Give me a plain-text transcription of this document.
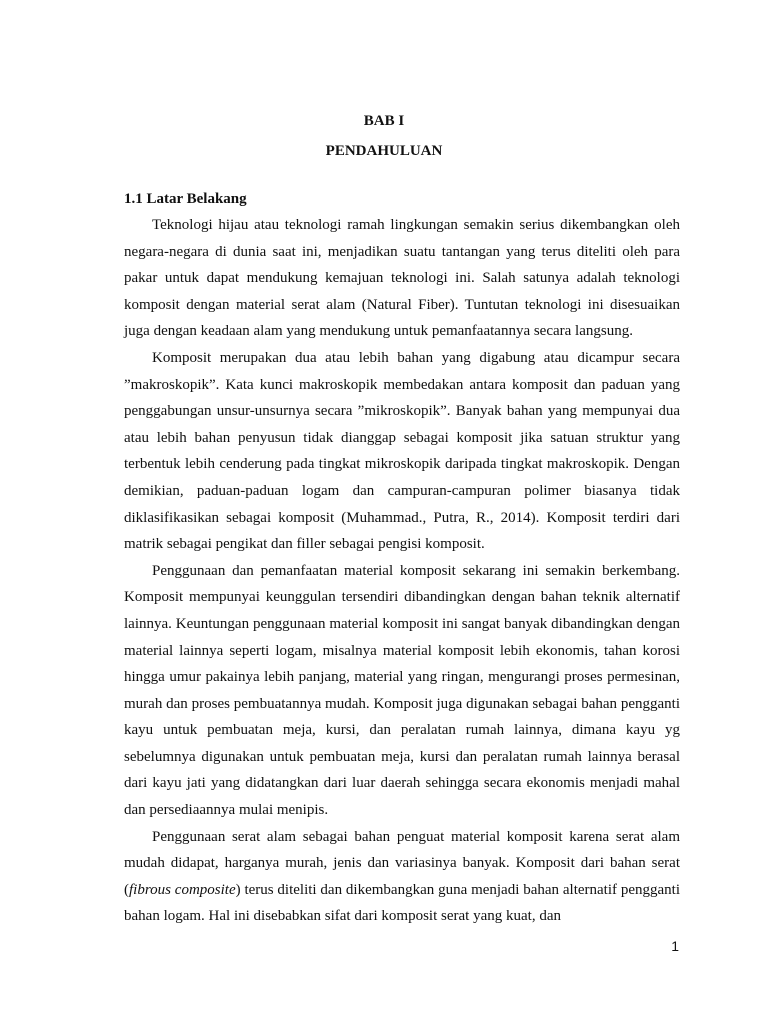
BAB I

PENDAHULUAN

1.1 Latar Belakang

Teknologi hijau atau teknologi ramah lingkungan semakin serius dikembangkan oleh negara-negara di dunia saat ini, menjadikan suatu tantangan yang terus diteliti oleh para pakar untuk dapat mendukung kemajuan teknologi ini. Salah satunya adalah teknologi komposit dengan material serat alam (Natural Fiber). Tuntutan teknologi ini disesuaikan juga dengan keadaan alam yang mendukung untuk pemanfaatannya secara langsung.

Komposit merupakan dua atau lebih bahan yang digabung atau dicampur secara ”makroskopik”. Kata kunci makroskopik membedakan antara komposit dan paduan yang penggabungan unsur-unsurnya secara ”mikroskopik”. Banyak bahan yang mempunyai dua atau lebih bahan penyusun tidak dianggap sebagai komposit jika satuan struktur yang terbentuk lebih cenderung pada tingkat mikroskopik daripada tingkat makroskopik. Dengan demikian, paduan-paduan logam dan campuran-campuran polimer biasanya tidak diklasifikasikan sebagai komposit (Muhammad., Putra, R., 2014). Komposit terdiri dari matrik sebagai pengikat dan filler sebagai pengisi komposit.

Penggunaan dan pemanfaatan material komposit sekarang ini semakin berkembang. Komposit mempunyai keunggulan tersendiri dibandingkan dengan bahan teknik alternatif lainnya. Keuntungan penggunaan material komposit ini sangat banyak dibandingkan dengan material lainnya seperti logam, misalnya material komposit lebih ekonomis, tahan korosi hingga umur pakainya lebih panjang, material yang ringan, mengurangi proses permesinan, murah dan proses pembuatannya mudah. Komposit juga digunakan sebagai bahan pengganti kayu untuk pembuatan meja, kursi, dan peralatan rumah lainnya, dimana kayu yg sebelumnya digunakan untuk pembuatan meja, kursi dan peralatan rumah lainnya berasal dari kayu jati yang didatangkan dari luar daerah sehingga secara ekonomis menjadi mahal dan persediaannya mulai menipis.

Penggunaan serat alam sebagai bahan penguat material komposit karena serat alam mudah didapat, harganya murah, jenis dan variasinya banyak. Komposit dari bahan serat (fibrous composite) terus diteliti dan dikembangkan guna menjadi bahan alternatif pengganti bahan logam. Hal ini disebabkan sifat dari komposit serat yang kuat, dan

1
